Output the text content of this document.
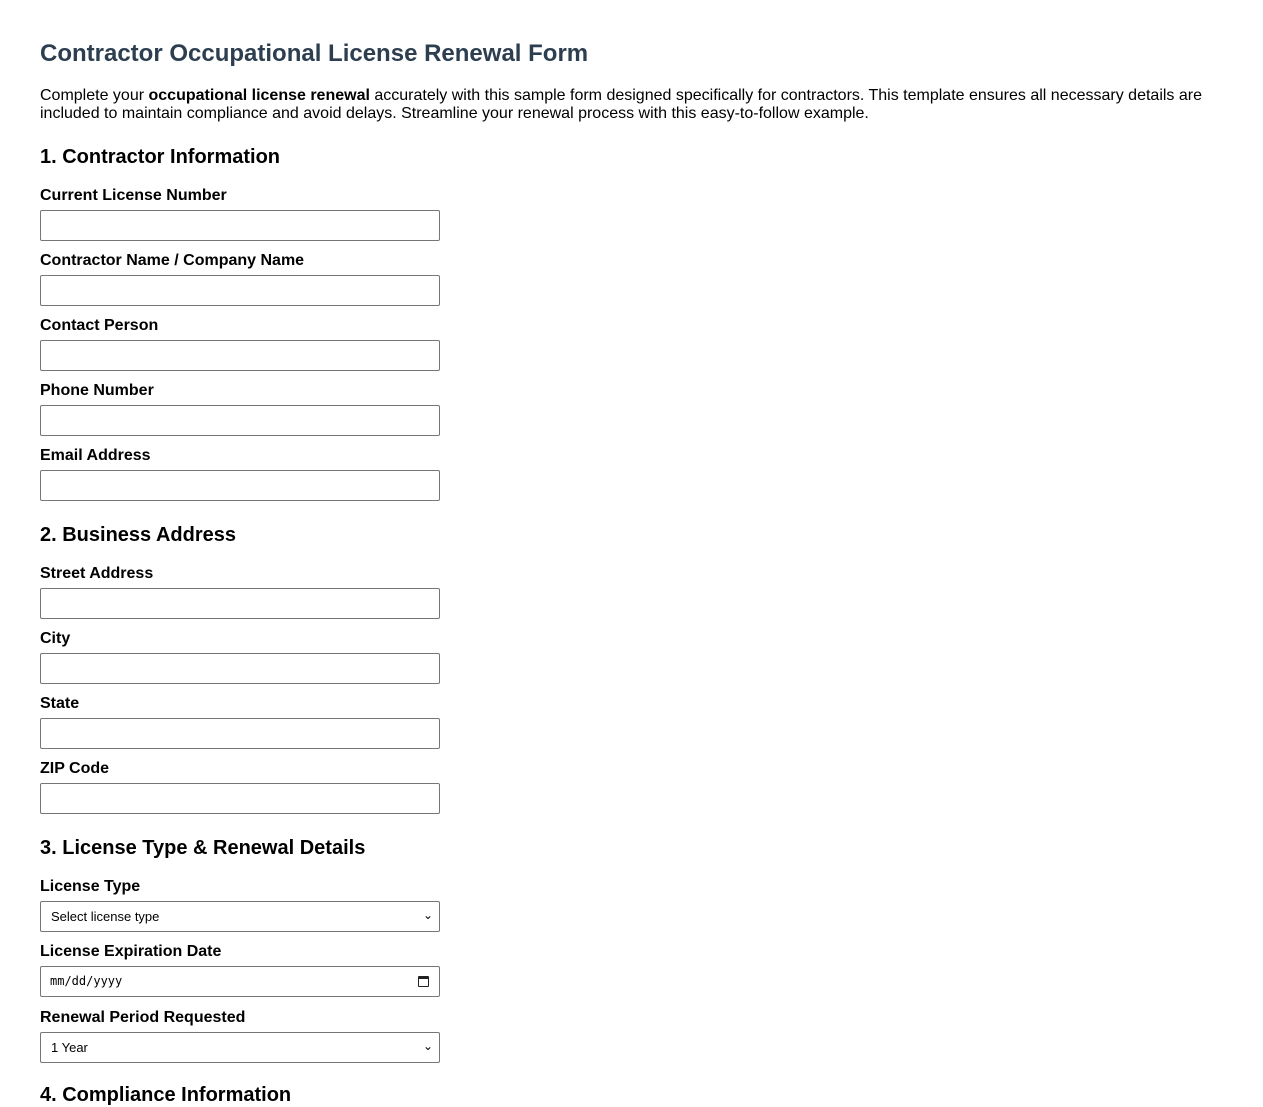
Contractor Occupational License Renewal Form

Complete your occupational license renewal accurately with this sample form designed specifically for contractors. This template ensures all necessary details are included to maintain compliance and avoid delays. Streamline your renewal process with this easy-to-follow example.

1. Contractor Information
Current License Number
Contractor Name / Company Name
Contact Person
Phone Number
Email Address
2. Business Address
Street Address
City
State
ZIP Code
3. License Type & Renewal Details
License Type
Select license type	⌄
License Expiration Date
mm/dd/yyyy
Renewal Period Requested
1 Year	⌄
4. Compliance Information
